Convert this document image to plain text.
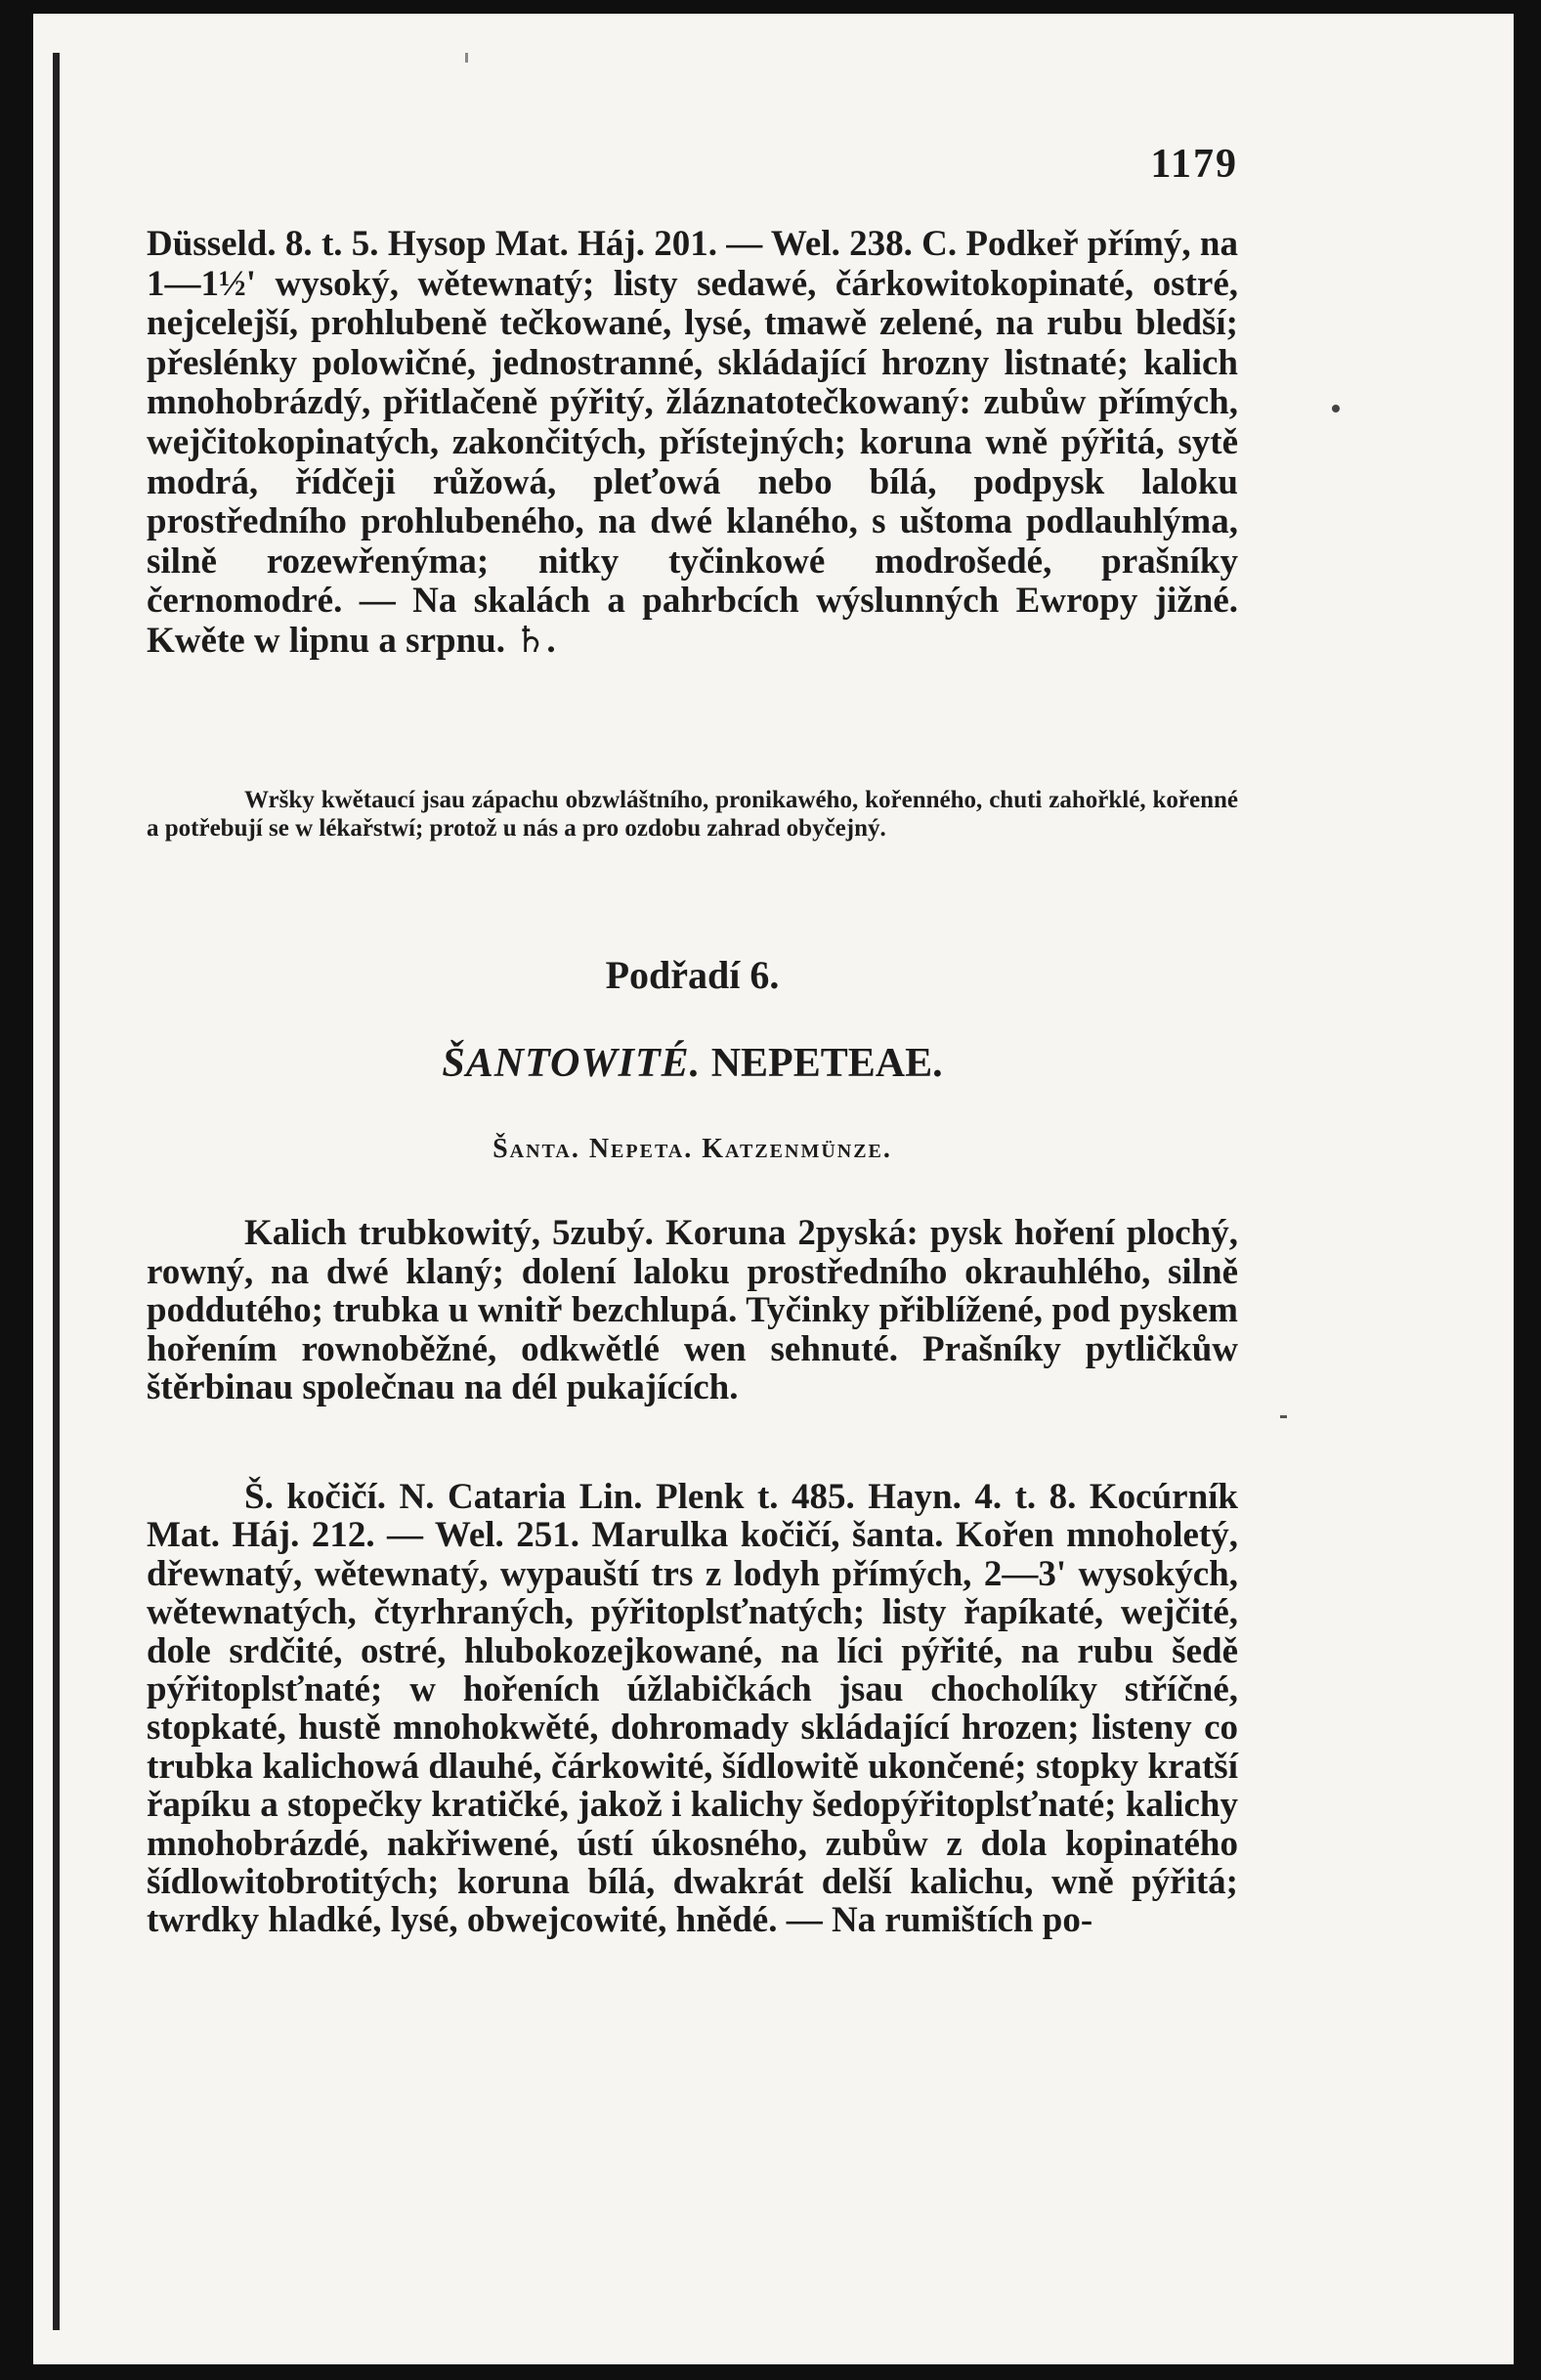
1179
Düsseld. 8. t. 5. Hysop Mat. Háj. 201. — Wel. 238. C. Podkeř přímý, na 1—1½' wysoký, wětewnatý; listy sedawé, čárkowitokopinaté, ostré, nejcelejší, prohlubeně tečkowané, lysé, tmawě zelené, na rubu bledší; přeslénky polowičné, jednostranné, skládající hrozny listnaté; kalich mnohobrázdý, přitlačeně pýřitý, žláznatotečkowaný: zubůw přímých, wejčitokopinatých, zakončitých, přístejných; koruna wně pýřitá, sytě modrá, řídčeji růžowá, pleťowá nebo bílá, podpysk laloku prostředního prohlubeného, na dwé klaného, s uštoma podlauhlýma, silně rozewřenýma; nitky tyčinkowé modrošedé, prašníky černomodré. — Na skalách a pahrbcích wýslunných Ewropy jižné. Kwěte w lipnu a srpnu. ♄.
Wršky kwětaucí jsau zápachu obzwláštního, pronikawého, kořenného, chuti zahořklé, kořenné a potřebují se w lékařstwí; protož u nás a pro ozdobu zahrad obyčejný.
Podřadí 6.
ŠANTOWITÉ. NEPETEAE.
Šanta. Nepeta. Katzenmünze.
Kalich trubkowitý, 5zubý. Koruna 2pyská: pysk hoření plochý, rowný, na dwé klaný; dolení laloku prostředního okrauhlého, silně poddutého; trubka u wnitř bezchlupá. Tyčinky přiblížené, pod pyskem hořením rownoběžné, odkwětlé wen sehnuté. Prašníky pytličkůw štěrbinau společnau na dél pukajících.
Š. kočičí. N. Cataria Lin. Plenk t. 485. Hayn. 4. t. 8. Kocúrník Mat. Háj. 212. — Wel. 251. Marulka kočičí, šanta. Kořen mnoholetý, dřewnatý, wětewnatý, wypauští trs z lodyh přímých, 2—3' wysokých, wětewnatých, čtyrhraných, pýřitoplsťnatých; listy řapíkaté, wejčité, dole srdčité, ostré, hlubokozejkowané, na líci pýřité, na rubu šedě pýřitoplsťnaté; w hořeních úžlabičkách jsau chocholíky stříčné, stopkaté, hustě mnohokwěté, dohromady skládající hrozen; listeny co trubka kalichowá dlauhé, čárkowité, šídlowitě ukončené; stopky kratší řapíku a stopečky kratičké, jakož i kalichy šedopýřitoplsťnaté; kalichy mnohobrázdé, nakřiwené, ústí úkosného, zubůw z dola kopinatého šídlowitobrotitých; koruna bílá, dwakrát delší kalichu, wně pýřitá; twrdky hladké, lysé, obwejcowité, hnědé. — Na rumištích po-
